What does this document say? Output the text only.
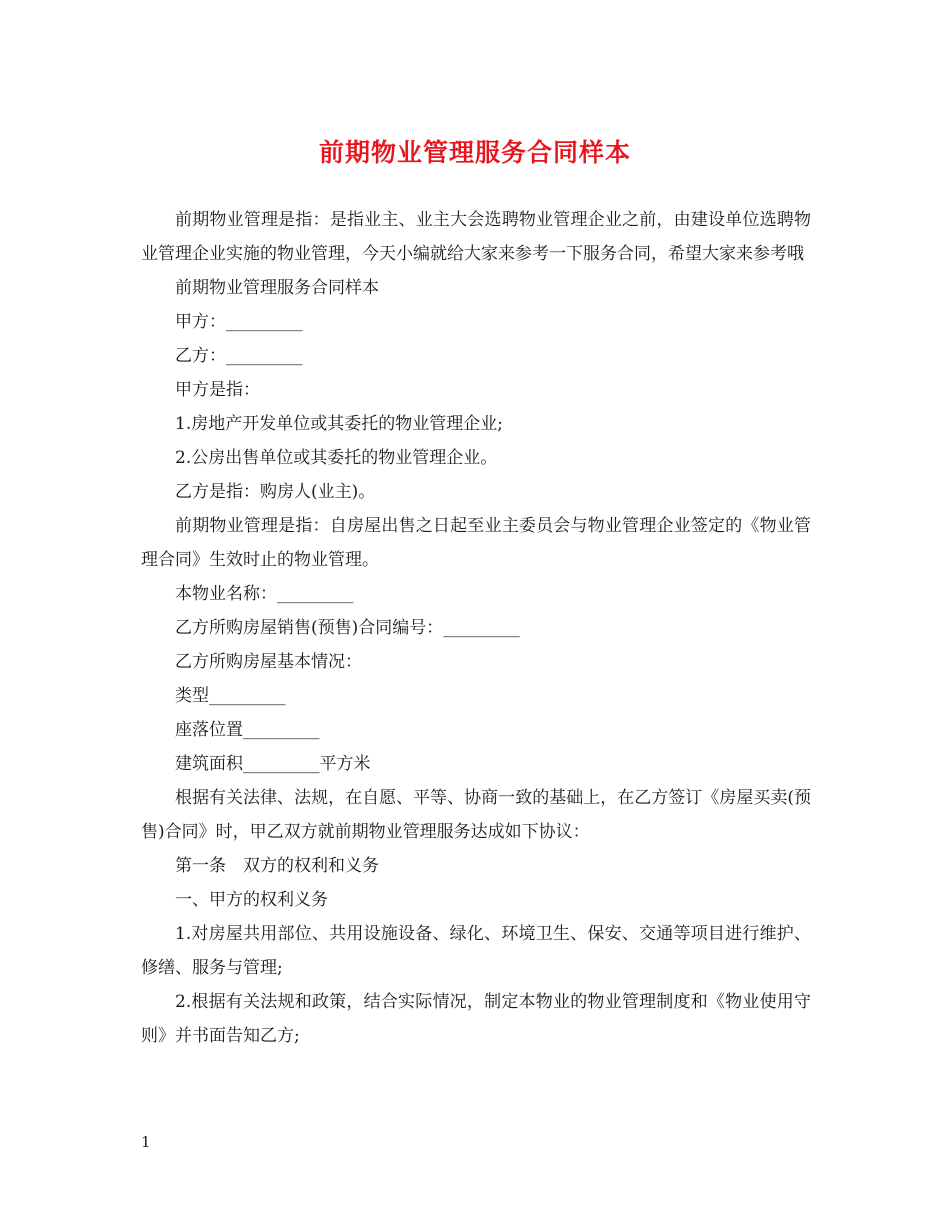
前期物业管理服务合同样本

前期物业管理是指：是指业主、业主大会选聘物业管理企业之前，由建设单位选聘物业管理企业实施的物业管理，今天小编就给大家来参考一下服务合同，希望大家来参考哦

前期物业管理服务合同样本

甲方：_________

乙方：_________

甲方是指：

1.房地产开发单位或其委托的物业管理企业;

2.公房出售单位或其委托的物业管理企业。

乙方是指：购房人(业主)。

前期物业管理是指：自房屋出售之日起至业主委员会与物业管理企业签定的《物业管理合同》生效时止的物业管理。

本物业名称：_________

乙方所购房屋销售(预售)合同编号：_________

乙方所购房屋基本情况：

类型_________

座落位置_________

建筑面积_________平方米

根据有关法律、法规，在自愿、平等、协商一致的基础上，在乙方签订《房屋买卖(预售)合同》时，甲乙双方就前期物业管理服务达成如下协议：

第一条　双方的权利和义务

一、甲方的权利义务

1.对房屋共用部位、共用设施设备、绿化、环境卫生、保安、交通等项目进行维护、修缮、服务与管理;

2.根据有关法规和政策，结合实际情况，制定本物业的物业管理制度和《物业使用守则》并书面告知乙方;

1
